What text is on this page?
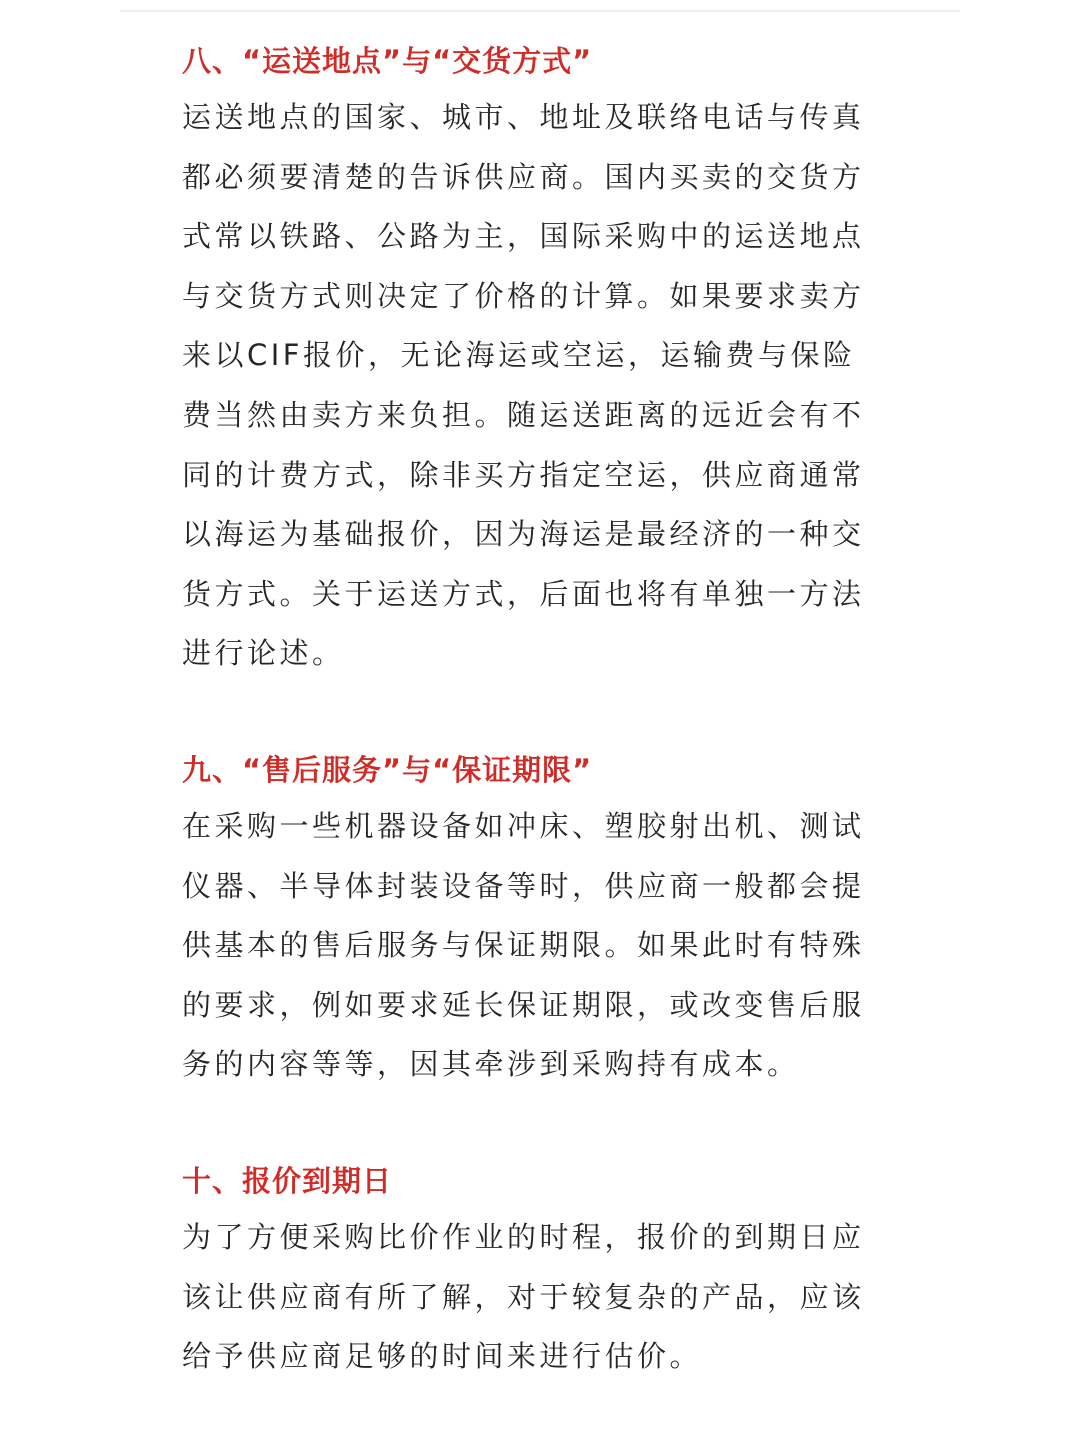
八、“运送地点”与“交货方式”
运送地点的国家、城市、地址及联络电话与传真
都必须要清楚的告诉供应商。国内买卖的交货方
式常以铁路、公路为主，国际采购中的运送地点
与交货方式则决定了价格的计算。如果要求卖方
来以CIF报价，无论海运或空运，运输费与保险
费当然由卖方来负担。随运送距离的远近会有不
同的计费方式，除非买方指定空运，供应商通常
以海运为基础报价，因为海运是最经济的一种交
货方式。关于运送方式，后面也将有单独一方法
进行论述。
九、“售后服务”与“保证期限”
在采购一些机器设备如冲床、塑胶射出机、测试
仪器、半导体封装设备等时，供应商一般都会提
供基本的售后服务与保证期限。如果此时有特殊
的要求，例如要求延长保证期限，或改变售后服
务的内容等等，因其牵涉到采购持有成本。
十、报价到期日
为了方便采购比价作业的时程，报价的到期日应
该让供应商有所了解，对于较复杂的产品，应该
给予供应商足够的时间来进行估价。
